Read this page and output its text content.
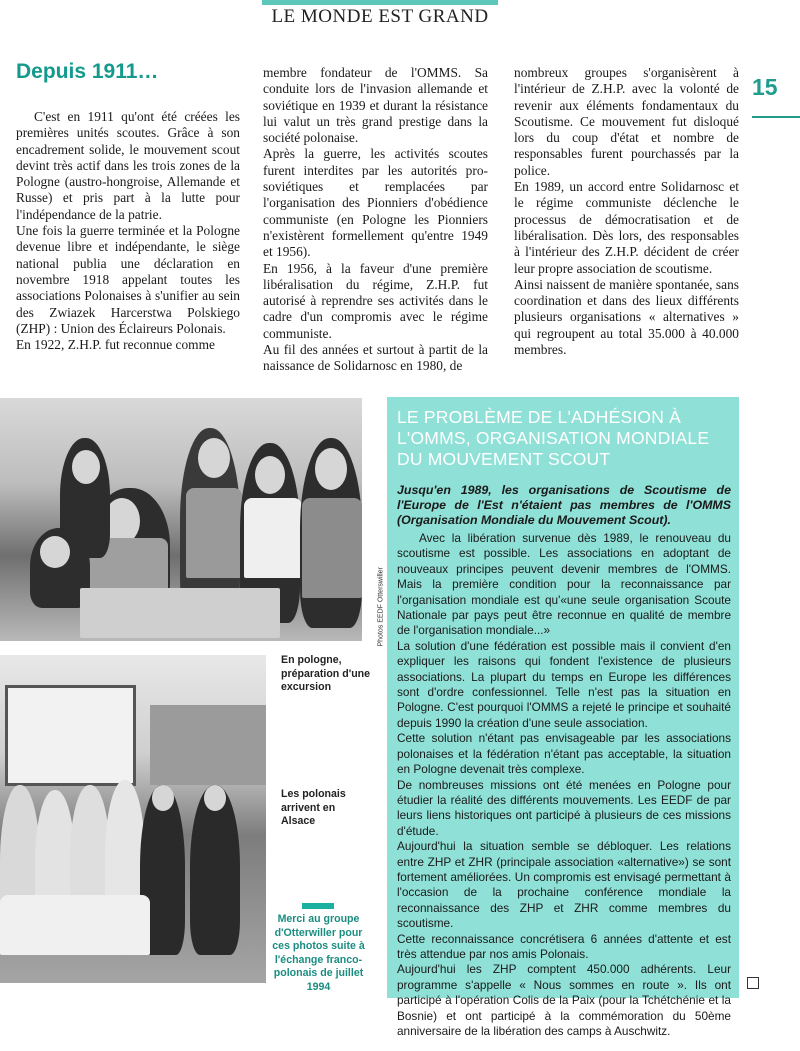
LE MONDE EST GRAND
15
Depuis 1911…

C'est en 1911 qu'ont été créées les premières unités scoutes. Grâce à son encadrement solide, le mouvement scout devint très actif dans les trois zones de la Pologne (austro-hongroise, Allemande et Russe) et pris part à la lutte pour l'indépendance de la patrie.

Une fois la guerre terminée et la Pologne devenue libre et indépendante, le siège national publia une déclaration en novembre 1918 appelant toutes les associations Polonaises à s'unifier au sein des Zwiazek Harcerstwa Polskiego (ZHP) : Union des Éclaireurs Polonais.

En 1922, Z.H.P. fut reconnue comme

membre fondateur de l'OMMS. Sa conduite lors de l'invasion allemande et soviétique en 1939 et durant la résistance lui valut un très grand prestige dans la société polonaise.

Après la guerre, les activités scoutes furent interdites par les autorités pro-soviétiques et remplacées par l'organisation des Pionniers d'obédience communiste (en Pologne les Pionniers n'existèrent formellement qu'entre 1949 et 1956).

En 1956, à la faveur d'une première libéralisation du régime, Z.H.P. fut autorisé à reprendre ses activités dans le cadre d'un compromis avec le régime communiste.

Au fil des années et surtout à partit de la naissance de Solidarnosc en 1980, de

nombreux groupes s'organisèrent à l'intérieur de Z.H.P. avec la volonté de revenir aux éléments fondamentaux du Scoutisme. Ce mouvement fut disloqué lors du coup d'état et nombre de responsables furent pourchassés par la police.

En 1989, un accord entre Solidarnosc et le régime communiste déclenche le processus de démocratisation et de libéralisation. Dès lors, des responsables à l'intérieur des Z.H.P. décident de créer leur propre association de scoutisme.

Ainsi naissent de manière spontanée, sans coordination et dans des lieux différents plusieurs organisations « alternatives » qui regroupent au total 35.000 à 40.000 membres.

Photos EEDF Otterswiller
En pologne, préparation d'une excursion
Les polonais arrivent en Alsace
Merci au groupe d'Otterwiller pour ces photos suite à l'échange franco-polonais de juillet 1994
LE PROBLÈME DE L'ADHÉSION À L'OMMS, ORGANISATION MONDIALE DU MOUVEMENT SCOUT
Jusqu'en 1989, les organisations de Scoutisme de l'Europe de l'Est n'étaient pas membres de l'OMMS (Organisation Mondiale du Mouvement Scout).

Avec la libération survenue dès 1989, le renouveau du scoutisme est possible. Les associations en adoptant de nouveaux principes peuvent devenir membres de l'OMMS. Mais la première condition pour la reconnaissance par l'organisation mondiale est qu'«une seule organisation Scoute Nationale par pays peut être reconnue en qualité de membre de l'organisation mondiale...»

La solution d'une fédération est possible mais il convient d'en expliquer les raisons qui fondent l'existence de plusieurs associations. La plupart du temps en Europe les différences sont d'ordre confessionnel. Telle n'est pas la situation en Pologne. C'est pourquoi l'OMMS a rejeté le principe et souhaité depuis 1990 la création d'une seule association.

Cette solution n'étant pas envisageable par les associations polonaises et la fédération n'étant pas acceptable, la situation en Pologne devenait très complexe.

De nombreuses missions ont été menées en Pologne pour étudier la réalité des différents mouvements. Les EEDF de par leurs liens historiques ont participé à plusieurs de ces missions d'étude.

Aujourd'hui la situation semble se débloquer. Les relations entre ZHP et ZHR (principale association «alternative») se sont fortement améliorées. Un compromis est envisagé permettant à l'occasion de la prochaine conférence mondiale la reconnaissance des ZHP et ZHR comme membres du scoutisme.

Cette reconnaissance concrétisera 6 années d'attente et est très attendue par nos amis Polonais.

Aujourd'hui les ZHP comptent 450.000 adhérents. Leur programme s'appelle « Nous sommes en route ». Ils ont participé à l'opération Colis de la Paix (pour la Tchétchénie et la Bosnie) et ont participé à la commémoration du 50ème anniversaire de la libération des camps à Auschwitz.
